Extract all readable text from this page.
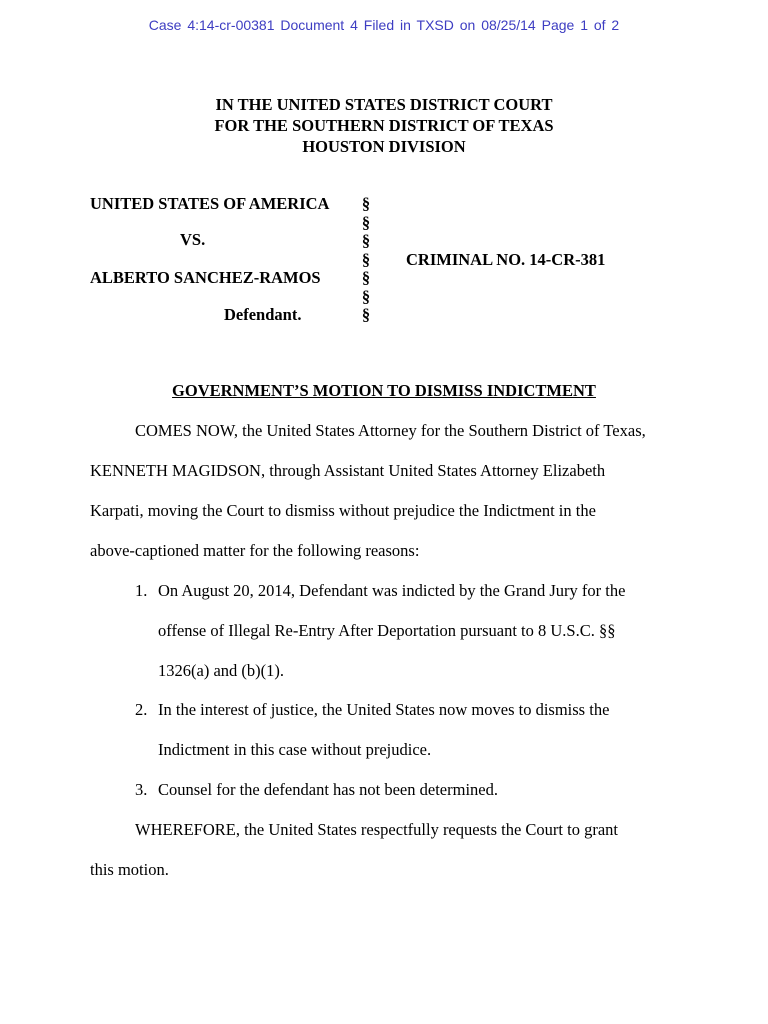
Case 4:14-cr-00381 Document 4 Filed in TXSD on 08/25/14 Page 1 of 2
IN THE UNITED STATES DISTRICT COURT
FOR THE SOUTHERN DISTRICT OF TEXAS
HOUSTON DIVISION
UNITED STATES OF AMERICA
VS.
ALBERTO SANCHEZ-RAMOS
Defendant.
§
§
§
§
§
§
§
CRIMINAL NO. 14-CR-381
GOVERNMENT’S MOTION TO DISMISS INDICTMENT
COMES NOW, the United States Attorney for the Southern District of Texas,
KENNETH MAGIDSON, through Assistant United States Attorney Elizabeth
Karpati, moving the Court to dismiss without prejudice the Indictment in the
above-captioned matter for the following reasons:
1. On August 20, 2014, Defendant was indicted by the Grand Jury for the
offense of Illegal Re-Entry After Deportation pursuant to 8 U.S.C. §§
1326(a) and (b)(1).
2. In the interest of justice, the United States now moves to dismiss the
Indictment in this case without prejudice.
3. Counsel for the defendant has not been determined.
WHEREFORE, the United States respectfully requests the Court to grant
this motion.
